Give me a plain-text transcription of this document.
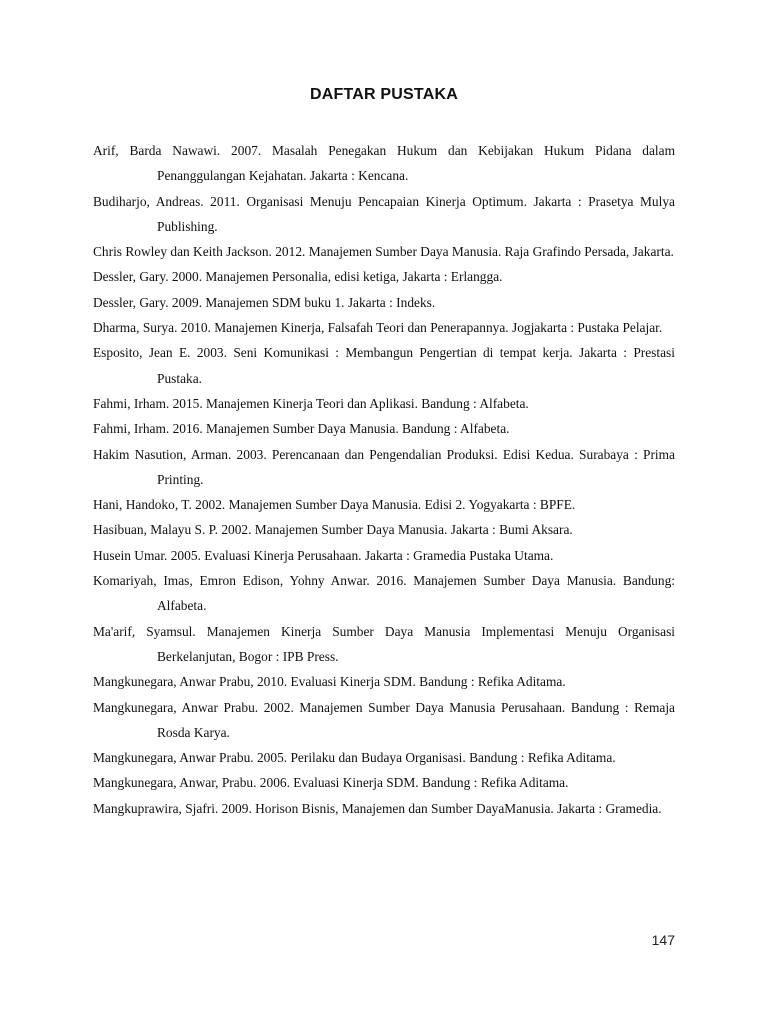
DAFTAR PUSTAKA

Arif, Barda Nawawi. 2007. Masalah Penegakan Hukum dan Kebijakan Hukum Pidana dalam Penanggulangan Kejahatan. Jakarta : Kencana.

Budiharjo, Andreas. 2011. Organisasi Menuju Pencapaian Kinerja Optimum. Jakarta : Prasetya Mulya Publishing.

Chris Rowley dan Keith Jackson. 2012. Manajemen Sumber Daya Manusia. Raja Grafindo Persada, Jakarta.

Dessler, Gary. 2000. Manajemen Personalia, edisi ketiga, Jakarta : Erlangga.

Dessler, Gary. 2009. Manajemen SDM buku 1. Jakarta : Indeks.

Dharma, Surya. 2010. Manajemen Kinerja, Falsafah Teori dan Penerapannya. Jogjakarta : Pustaka Pelajar.

Esposito, Jean E. 2003. Seni Komunikasi : Membangun Pengertian di tempat kerja. Jakarta : Prestasi Pustaka.

Fahmi, Irham. 2015. Manajemen Kinerja Teori dan Aplikasi. Bandung : Alfabeta.

Fahmi, Irham. 2016. Manajemen Sumber Daya Manusia. Bandung : Alfabeta.

Hakim Nasution, Arman. 2003. Perencanaan dan Pengendalian Produksi. Edisi Kedua. Surabaya : Prima Printing.

Hani, Handoko, T. 2002. Manajemen Sumber Daya Manusia. Edisi 2. Yogyakarta : BPFE.

Hasibuan, Malayu S. P. 2002. Manajemen Sumber Daya Manusia. Jakarta : Bumi Aksara.

Husein Umar. 2005. Evaluasi Kinerja Perusahaan. Jakarta : Gramedia Pustaka Utama.

Komariyah, Imas, Emron Edison, Yohny Anwar. 2016. Manajemen Sumber Daya Manusia. Bandung: Alfabeta.

Ma'arif, Syamsul. Manajemen Kinerja Sumber Daya Manusia Implementasi Menuju Organisasi Berkelanjutan, Bogor : IPB Press.

Mangkunegara, Anwar Prabu, 2010. Evaluasi Kinerja SDM. Bandung : Refika Aditama.

Mangkunegara, Anwar Prabu. 2002. Manajemen Sumber Daya Manusia Perusahaan. Bandung : Remaja Rosda Karya.

Mangkunegara, Anwar Prabu. 2005. Perilaku dan Budaya Organisasi. Bandung : Refika Aditama.

Mangkunegara, Anwar, Prabu. 2006. Evaluasi Kinerja SDM. Bandung : Refika Aditama.

Mangkuprawira, Sjafri. 2009. Horison Bisnis, Manajemen dan Sumber DayaManusia. Jakarta : Gramedia.

147
